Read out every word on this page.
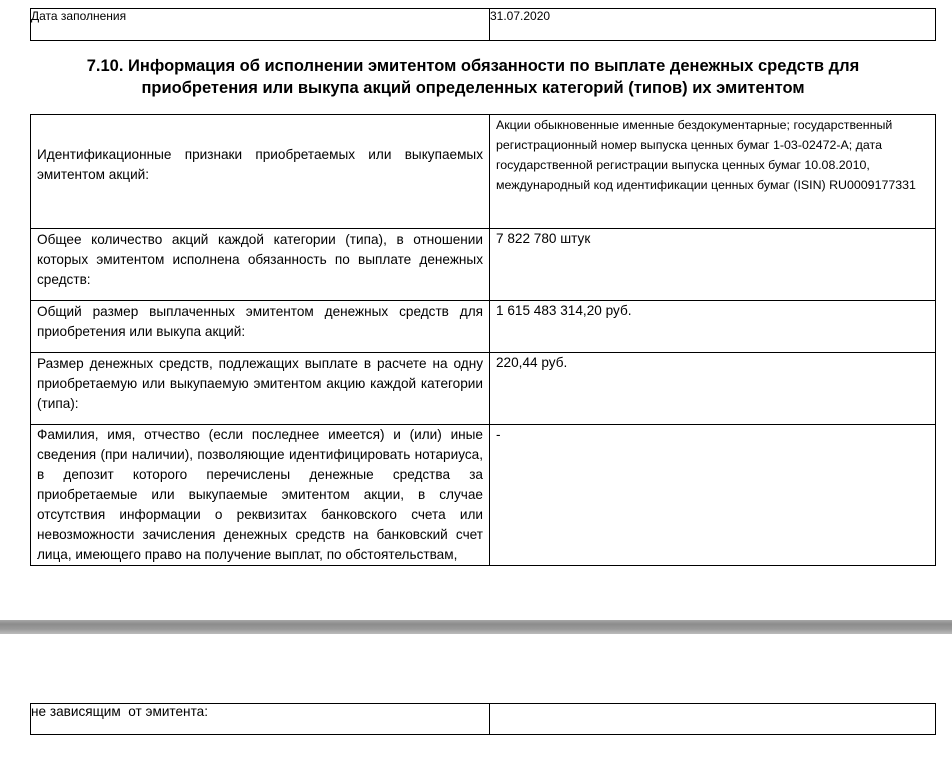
Дата заполнения	31.07.2020
7.10. Информация об исполнении эмитентом обязанности по выплате денежных средств для приобретения или выкупа акций определенных категорий (типов) их эмитентом
Идентификационные признаки приобретаемых или выкупаемых эмитентом акций:	Акции обыкновенные именные бездокументарные; государственный регистрационный номер выпуска ценных бумаг 1-03-02472-A; дата государственной регистрации выпуска ценных бумаг 10.08.2010, международный код идентификации ценных бумаг (ISIN) RU0009177331
Общее количество акций каждой категории (типа), в отношении которых эмитентом исполнена обязанность по выплате денежных средств:	7 822 780 штук
Общий размер выплаченных эмитентом денежных средств для приобретения или выкупа акций:	1 615 483 314,20 руб.
Размер денежных средств, подлежащих выплате в расчете на одну приобретаемую или выкупаемую эмитентом акцию каждой категории (типа):	220,44 руб.
Фамилия, имя, отчество (если последнее имеется) и (или) иные сведения (при наличии), позволяющие идентифицировать нотариуса, в депозит которого перечислены денежные средства за приобретаемые или выкупаемые эмитентом акции, в случае отсутствия информации о реквизитах банковского счета или невозможности зачисления денежных средств на банковский счет лица, имеющего право на получение выплат, по обстоятельствам,	-
не зависящим  от эмитента:	
